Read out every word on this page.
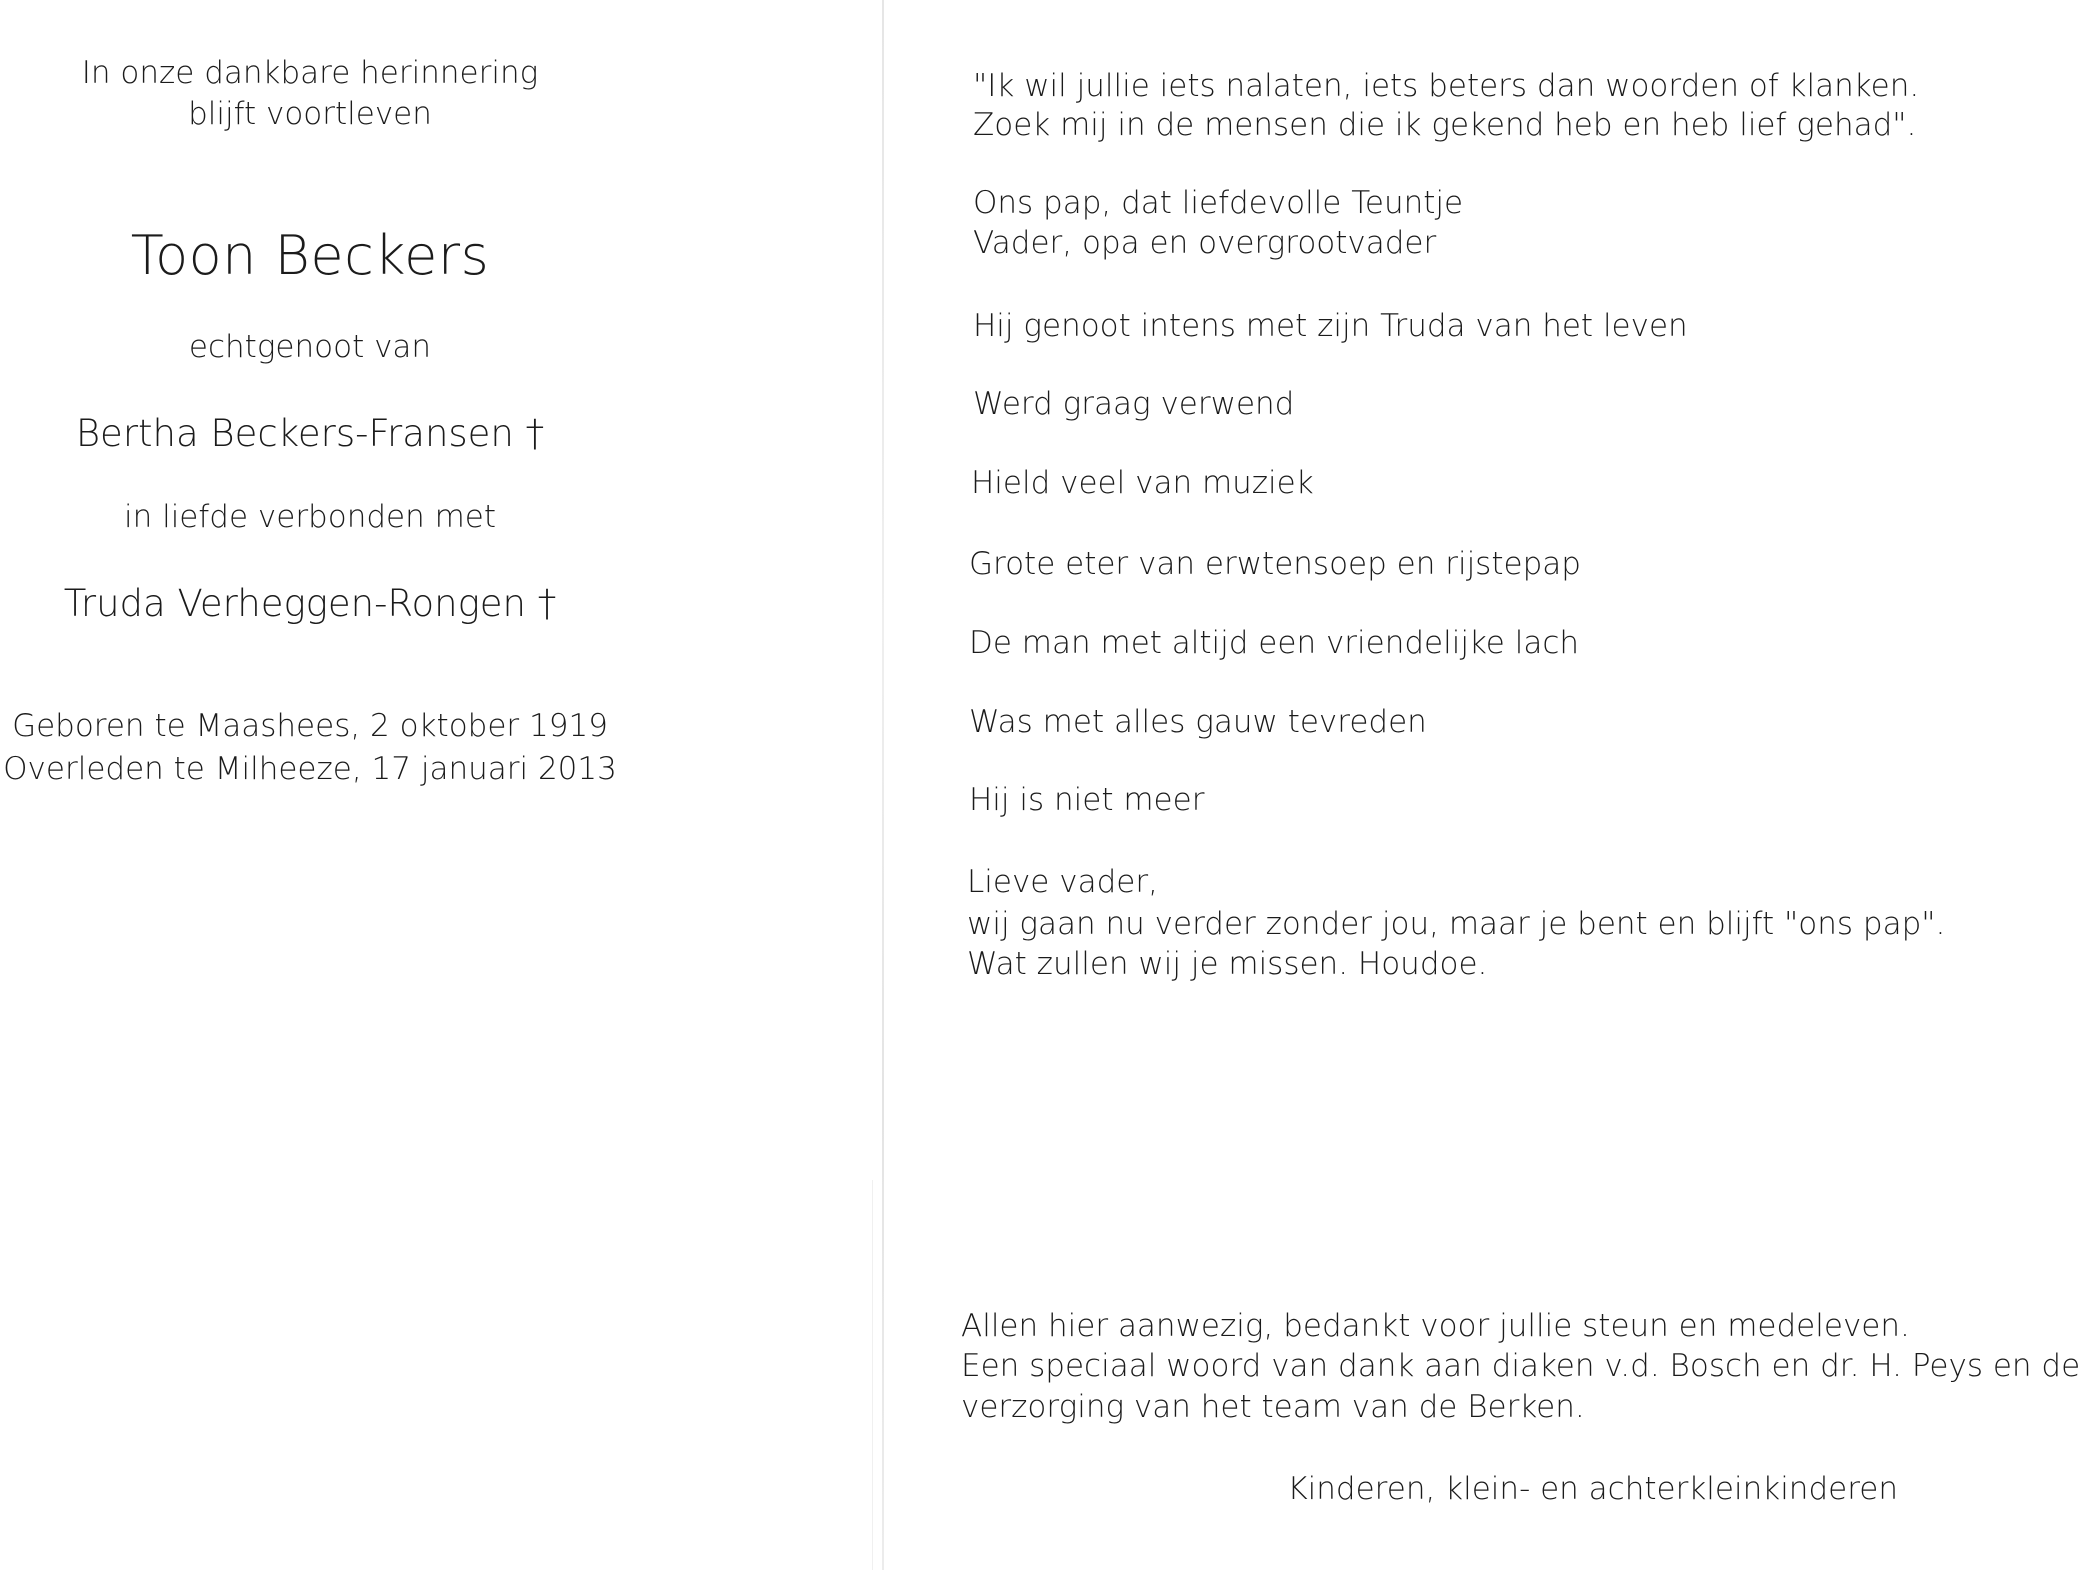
In onze dankbare herinnering
blijft voortleven
Toon Beckers
echtgenoot van
Bertha Beckers-Fransen †
in liefde verbonden met
Truda Verheggen-Rongen †
Geboren te Maashees, 2 oktober 1919
Overleden te Milheeze, 17 januari 2013
"Ik wil jullie iets nalaten, iets beters dan woorden of klanken.
Zoek mij in de mensen die ik gekend heb en heb lief gehad".
Ons pap, dat liefdevolle Teuntje
Vader, opa en overgrootvader
Hij genoot intens met zijn Truda van het leven
Werd graag verwend
Hield veel van muziek
Grote eter van erwtensoep en rijstepap
De man met altijd een vriendelijke lach
Was met alles gauw tevreden
Hij is niet meer
Lieve vader,
wij gaan nu verder zonder jou, maar je bent en blijft "ons pap".
Wat zullen wij je missen. Houdoe.
Allen hier aanwezig, bedankt voor jullie steun en medeleven.
Een speciaal woord van dank aan diaken v.d. Bosch en dr. H. Peys en de
verzorging van het team van de Berken.
Kinderen, klein- en achterkleinkinderen
